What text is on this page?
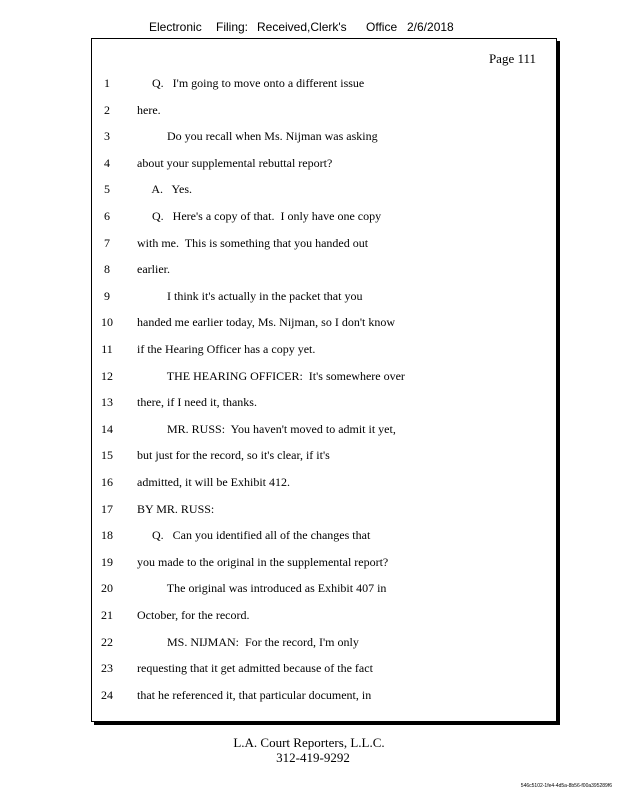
Electronic Filing: Received,Clerk's Office 2/6/2018
Page 111
1	Q.   I'm going to move onto a different issue
2	here.
3	Do you recall when Ms. Nijman was asking
4	about your supplemental rebuttal report?
5	A.   Yes.
6	Q.   Here's a copy of that.  I only have one copy
7	with me.  This is something that you handed out
8	earlier.
9	I think it's actually in the packet that you
10	handed me earlier today, Ms. Nijman, so I don't know
11	if the Hearing Officer has a copy yet.
12	THE HEARING OFFICER:  It's somewhere over
13	there, if I need it, thanks.
14	MR. RUSS:  You haven't moved to admit it yet,
15	but just for the record, so it's clear, if it's
16	admitted, it will be Exhibit 412.
17	BY MR. RUSS:
18	Q.   Can you identified all of the changes that
19	you made to the original in the supplemental report?
20	The original was introduced as Exhibit 407 in
21	October, for the record.
22	MS. NIJMAN:  For the record, I'm only
23	requesting that it get admitted because of the fact
24	that he referenced it, that particular document, in
L.A. Court Reporters, L.L.C.
312-419-9292
546c5102-1fe4-4d5a-8b56-f00a395289f6
